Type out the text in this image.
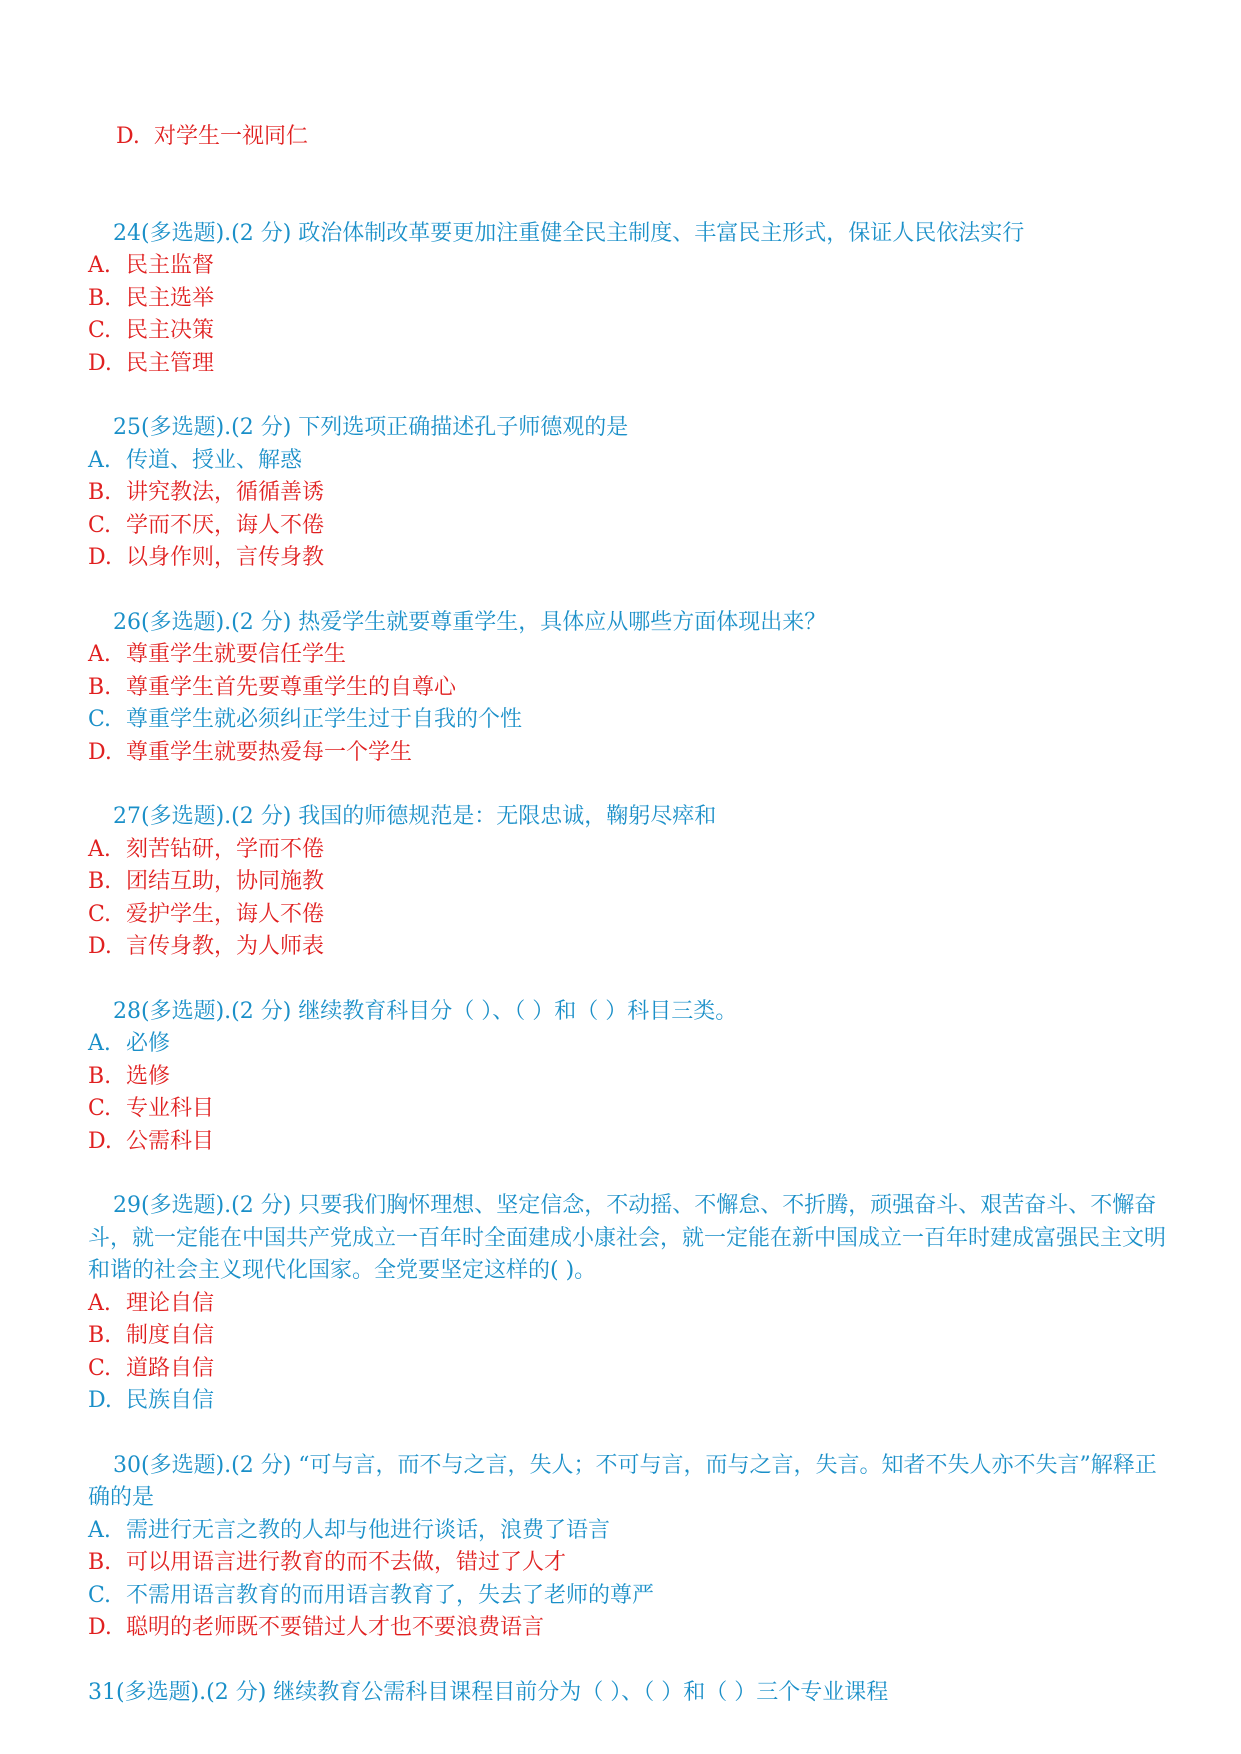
D. 对学生一视同仁

24(多选题).(2 分) 政治体制改革要更加注重健全民主制度、丰富民主形式，保证人民依法实行

A. 民主监督

B. 民主选举

C. 民主决策

D. 民主管理

25(多选题).(2 分) 下列选项正确描述孔子师德观的是

A. 传道、授业、解惑

B. 讲究教法，循循善诱

C. 学而不厌，诲人不倦

D. 以身作则，言传身教

26(多选题).(2 分) 热爱学生就要尊重学生，具体应从哪些方面体现出来？

A. 尊重学生就要信任学生

B. 尊重学生首先要尊重学生的自尊心

C. 尊重学生就必须纠正学生过于自我的个性

D. 尊重学生就要热爱每一个学生

27(多选题).(2 分) 我国的师德规范是：无限忠诚，鞠躬尽瘁和

A. 刻苦钻研，学而不倦

B. 团结互助，协同施教

C. 爱护学生，诲人不倦

D. 言传身教，为人师表

28(多选题).(2 分) 继续教育科目分（ ）、（ ）和（ ）科目三类。

A. 必修

B. 选修

C. 专业科目

D. 公需科目

29(多选题).(2 分) 只要我们胸怀理想、坚定信念，不动摇、不懈怠、不折腾，顽强奋斗、艰苦奋斗、不懈奋斗，就一定能在中国共产党成立一百年时全面建成小康社会，就一定能在新中国成立一百年时建成富强民主文明和谐的社会主义现代化国家。全党要坚定这样的( )。

A. 理论自信

B. 制度自信

C. 道路自信

D. 民族自信

30(多选题).(2 分) “可与言，而不与之言，失人；不可与言，而与之言，失言。知者不失人亦不失言”解释正确的是

A. 需进行无言之教的人却与他进行谈话，浪费了语言

B. 可以用语言进行教育的而不去做，错过了人才

C. 不需用语言教育的而用语言教育了，失去了老师的尊严

D. 聪明的老师既不要错过人才也不要浪费语言

31(多选题).(2 分) 继续教育公需科目课程目前分为（ ）、（ ）和（ ）三个专业课程
